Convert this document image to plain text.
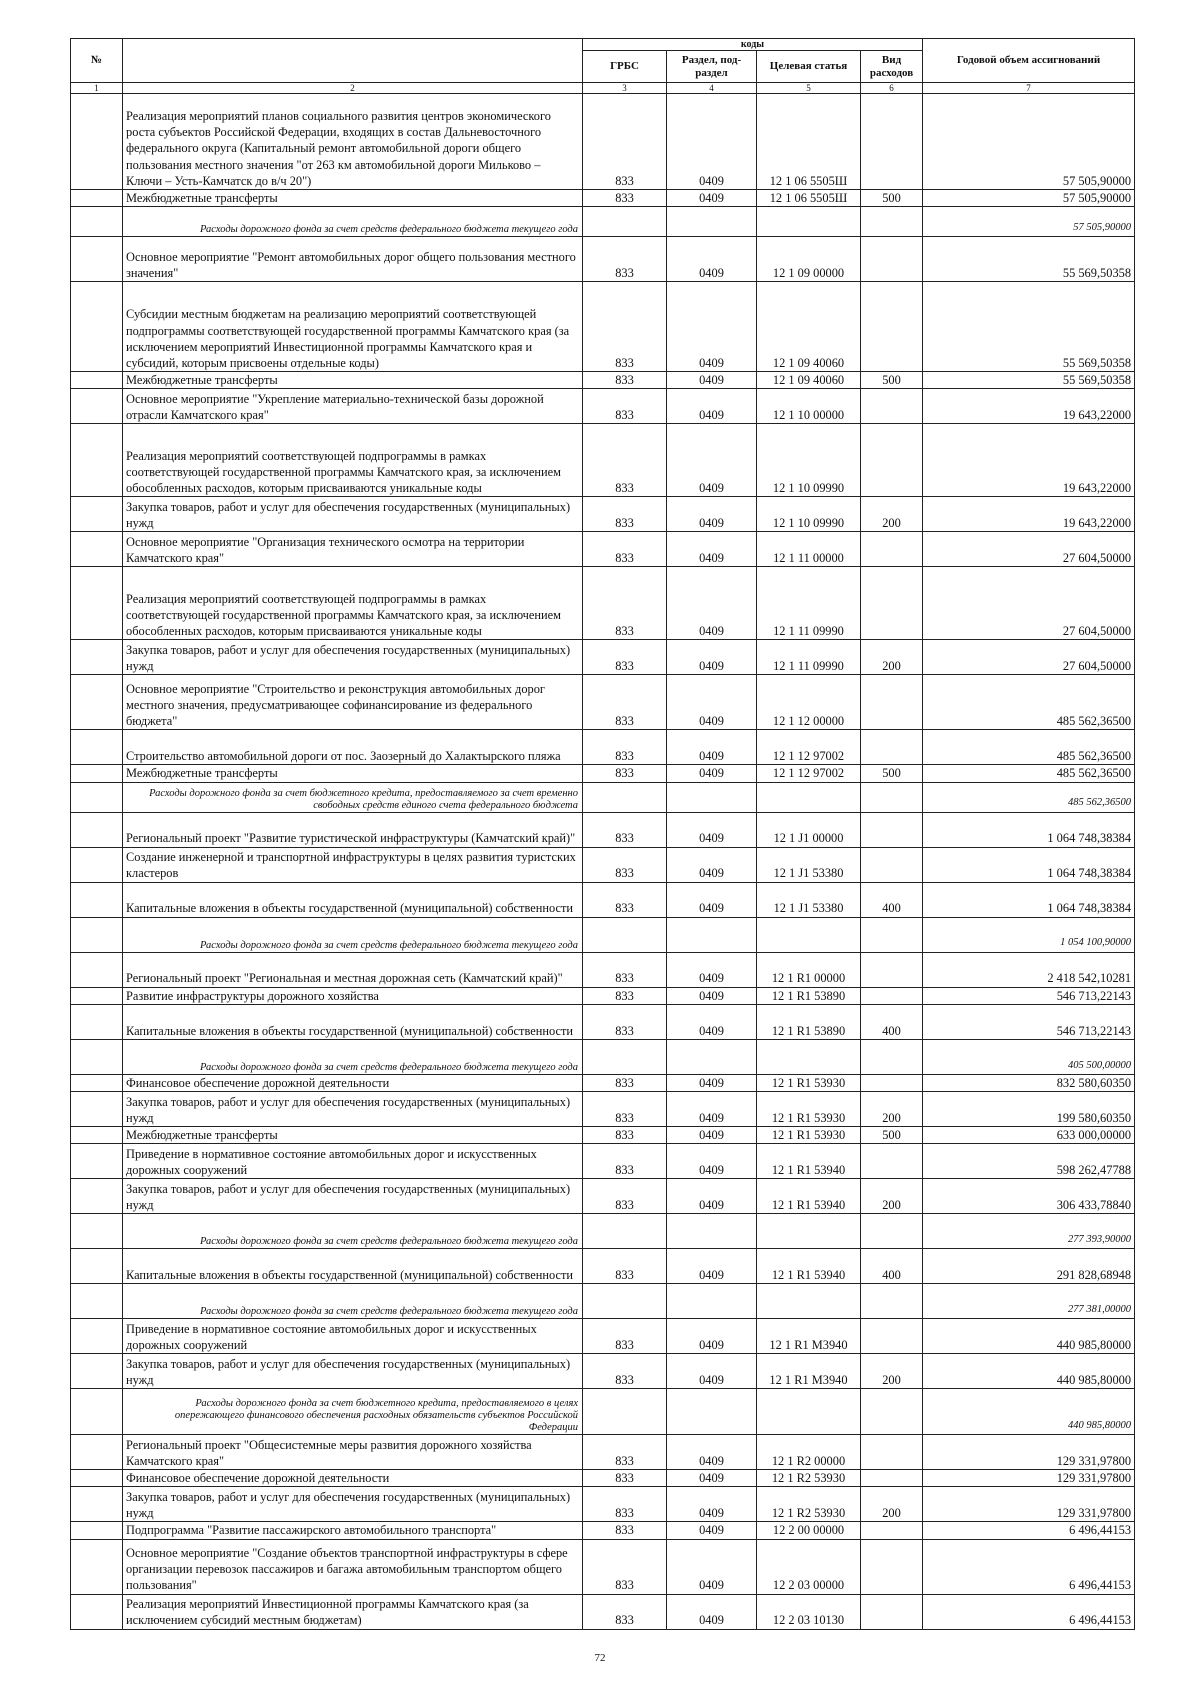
№		коды				Годовой объем ассигнований
		ГРБС	Раздел, под-раздел	Целевая статья	Вид расходов	
1	2	3	4	5	6	7
	Реализация мероприятий планов социального развития центров экономического роста субъектов Российской Федерации, входящих в состав Дальневосточного федерального округа (Капитальный ремонт автомобильной дороги общего пользования местного значения "от 263 км автомобильной дороги Мильково – Ключи – Усть-Камчатск до в/ч 20")	833	0409	12 1 06 5505Ш		57 505,90000
	Межбюджетные трансферты	833	0409	12 1 06 5505Ш	500	57 505,90000
	Расходы дорожного фонда за счет средств федерального бюджета текущего года					57 505,90000
	Основное мероприятие "Ремонт автомобильных дорог общего пользования местного значения"	833	0409	12 1 09 00000		55 569,50358
	Субсидии местным бюджетам на реализацию мероприятий соответствующей подпрограммы соответствующей государственной программы Камчатского края (за исключением мероприятий Инвестиционной программы Камчатского края и субсидий, которым присвоены отдельные коды)	833	0409	12 1 09 40060		55 569,50358
	Межбюджетные трансферты	833	0409	12 1 09 40060	500	55 569,50358
	Основное мероприятие "Укрепление материально-технической базы дорожной отрасли Камчатского края"	833	0409	12 1 10 00000		19 643,22000
	Реализация мероприятий соответствующей подпрограммы в рамках соответствующей государственной программы Камчатского края, за исключением обособленных расходов, которым присваиваются уникальные коды	833	0409	12 1 10 09990		19 643,22000
	Закупка товаров, работ и услуг для обеспечения государственных (муниципальных) нужд	833	0409	12 1 10 09990	200	19 643,22000
	Основное мероприятие "Организация технического осмотра на территории Камчатского края"	833	0409	12 1 11 00000		27 604,50000
	Реализация мероприятий соответствующей подпрограммы в рамках соответствующей государственной программы Камчатского края, за исключением обособленных расходов, которым присваиваются уникальные коды	833	0409	12 1 11 09990		27 604,50000
	Закупка товаров, работ и услуг для обеспечения государственных (муниципальных) нужд	833	0409	12 1 11 09990	200	27 604,50000
	Основное мероприятие "Строительство и реконструкция автомобильных дорог местного значения, предусматривающее софинансирование из федерального бюджета"	833	0409	12 1 12 00000		485 562,36500
	Строительство автомобильной дороги от пос. Заозерный до Халактырского пляжа	833	0409	12 1 12 97002		485 562,36500
	Межбюджетные трансферты	833	0409	12 1 12 97002	500	485 562,36500
	Расходы дорожного фонда за счет бюджетного кредита, предоставляемого за счет временно свободных средств единого счета федерального бюджета					485 562,36500
	Региональный проект "Развитие туристической инфраструктуры (Камчатский край)"	833	0409	12 1 J1 00000		1 064 748,38384
	Создание инженерной и транспортной инфраструктуры в целях развития туристских кластеров	833	0409	12 1 J1 53380		1 064 748,38384
	Капитальные вложения в объекты государственной (муниципальной) собственности	833	0409	12 1 J1 53380	400	1 064 748,38384
	Расходы дорожного фонда за счет средств федерального бюджета текущего года					1 054 100,90000
	Региональный проект "Региональная и местная дорожная сеть (Камчатский край)"	833	0409	12 1 R1 00000		2 418 542,10281
	Развитие инфраструктуры дорожного хозяйства	833	0409	12 1 R1 53890		546 713,22143
	Капитальные вложения в объекты государственной (муниципальной) собственности	833	0409	12 1 R1 53890	400	546 713,22143
	Расходы дорожного фонда за счет средств федерального бюджета текущего года					405 500,00000
	Финансовое обеспечение дорожной деятельности	833	0409	12 1 R1 53930		832 580,60350
	Закупка товаров, работ и услуг для обеспечения государственных (муниципальных) нужд	833	0409	12 1 R1 53930	200	199 580,60350
	Межбюджетные трансферты	833	0409	12 1 R1 53930	500	633 000,00000
	Приведение в нормативное состояние автомобильных дорог и искусственных дорожных сооружений	833	0409	12 1 R1 53940		598 262,47788
	Закупка товаров, работ и услуг для обеспечения государственных (муниципальных) нужд	833	0409	12 1 R1 53940	200	306 433,78840
	Расходы дорожного фонда за счет средств федерального бюджета текущего года					277 393,90000
	Капитальные вложения в объекты государственной (муниципальной) собственности	833	0409	12 1 R1 53940	400	291 828,68948
	Расходы дорожного фонда за счет средств федерального бюджета текущего года					277 381,00000
	Приведение в нормативное состояние автомобильных дорог и искусственных дорожных сооружений	833	0409	12 1 R1 M3940		440 985,80000
	Закупка товаров, работ и услуг для обеспечения государственных (муниципальных) нужд	833	0409	12 1 R1 M3940	200	440 985,80000
	Расходы дорожного фонда за счет бюджетного кредита, предоставляемого в целях опережающего финансового обеспечения расходных обязательств субъектов Российской Федерации					440 985,80000
	Региональный проект "Общесистемные меры развития дорожного хозяйства Камчатского края"	833	0409	12 1 R2 00000		129 331,97800
	Финансовое обеспечение дорожной деятельности	833	0409	12 1 R2 53930		129 331,97800
	Закупка товаров, работ и услуг для обеспечения государственных (муниципальных) нужд	833	0409	12 1 R2 53930	200	129 331,97800
	Подпрограмма "Развитие пассажирского автомобильного транспорта"	833	0409	12 2 00 00000		6 496,44153
	Основное мероприятие "Создание объектов транспортной инфраструктуры в сфере организации перевозок пассажиров и багажа автомобильным транспортом общего пользования"	833	0409	12 2 03 00000		6 496,44153
	Реализация мероприятий Инвестиционной программы Камчатского края (за исключением субсидий местным бюджетам)	833	0409	12 2 03 10130		6 496,44153
72
